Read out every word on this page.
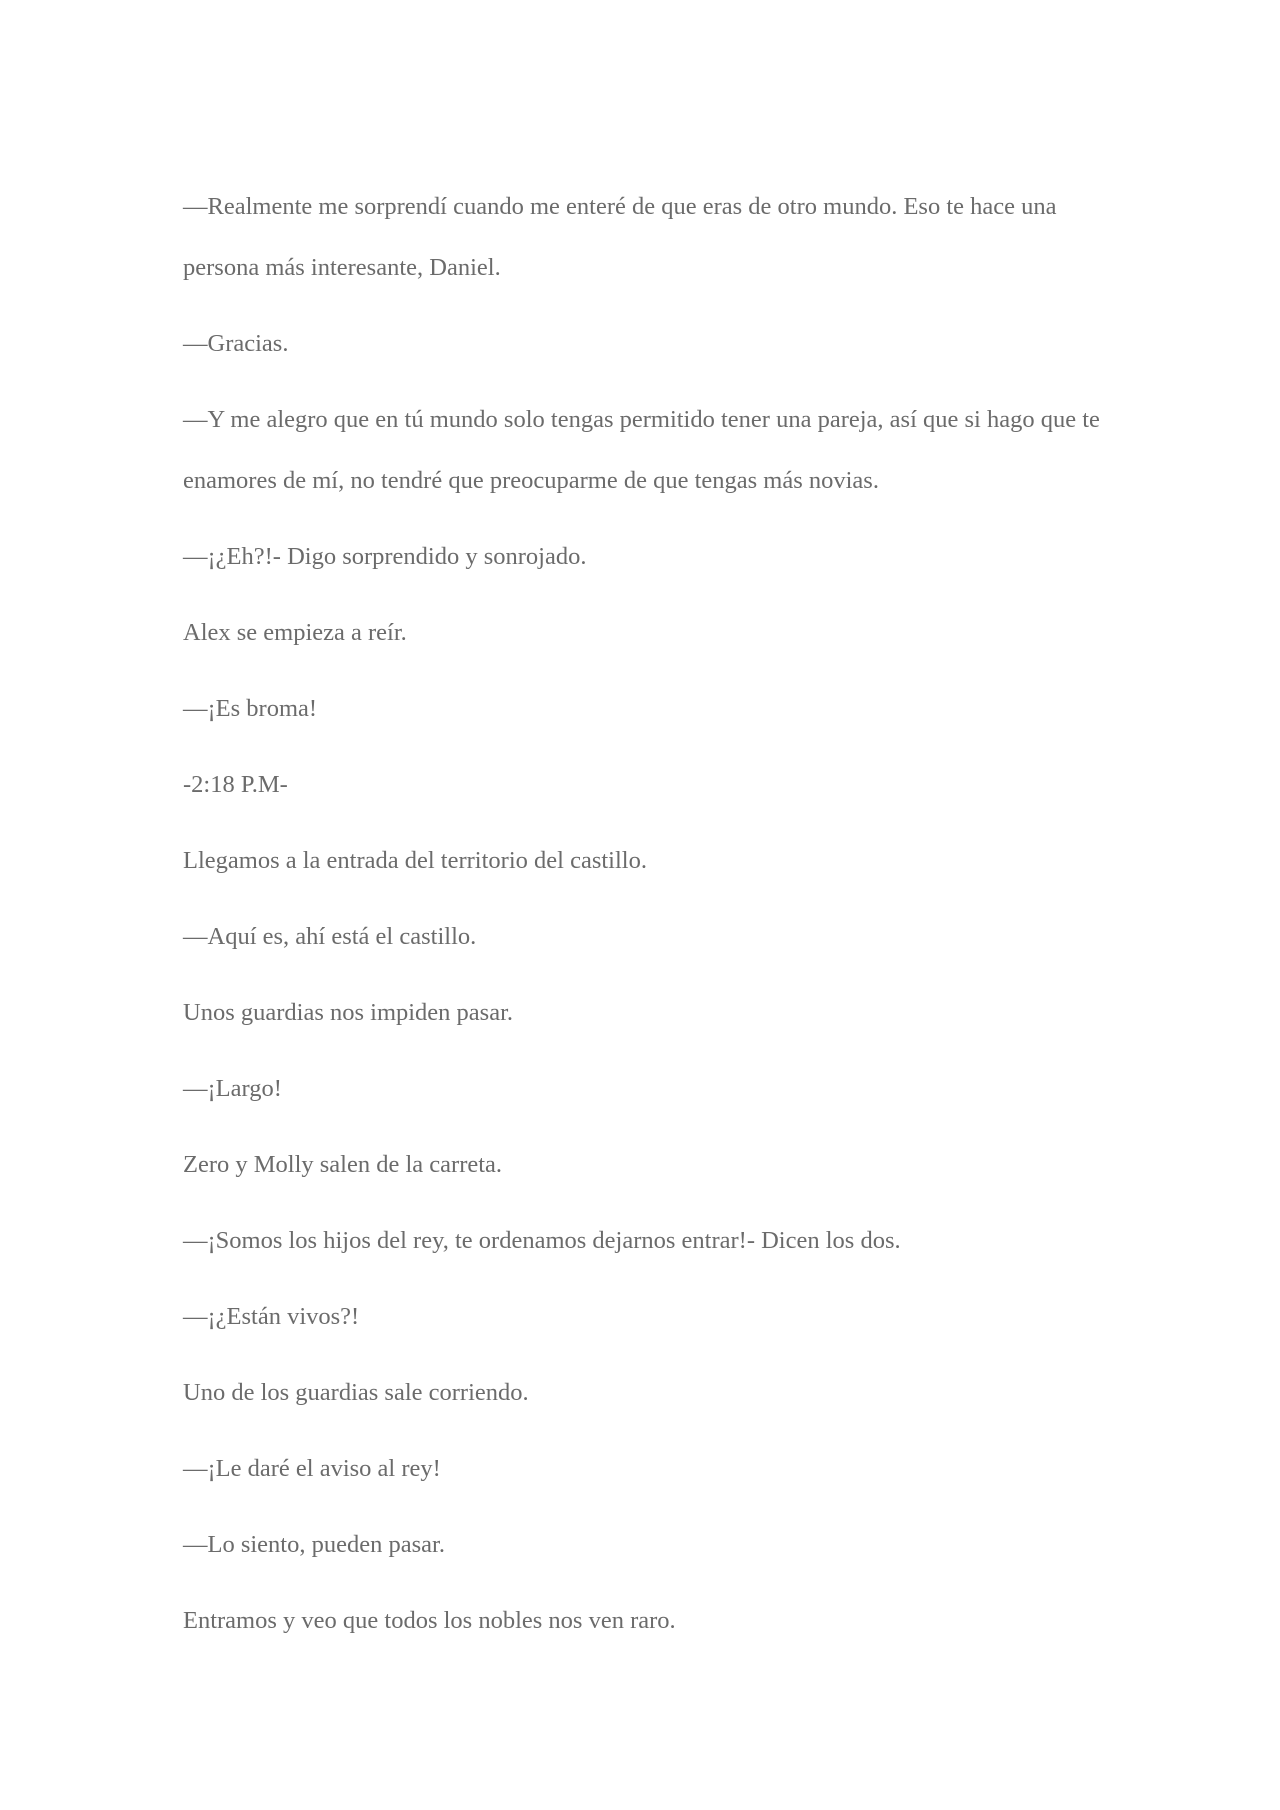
—Realmente me sorprendí cuando me enteré de que eras de otro mundo. Eso te hace una persona más interesante, Daniel.

—Gracias.

—Y me alegro que en tú mundo solo tengas permitido tener una pareja, así que si hago que te enamores de mí, no tendré que preocuparme de que tengas más novias.

—¡¿Eh?!- Digo sorprendido y sonrojado.

Alex se empieza a reír.

—¡Es broma!

-2:18 P.M-

Llegamos a la entrada del territorio del castillo.

—Aquí es, ahí está el castillo.

Unos guardias nos impiden pasar.

—¡Largo!

Zero y Molly salen de la carreta.

—¡Somos los hijos del rey, te ordenamos dejarnos entrar!- Dicen los dos.

—¡¿Están vivos?!

Uno de los guardias sale corriendo.

—¡Le daré el aviso al rey!

—Lo siento, pueden pasar.

Entramos y veo que todos los nobles nos ven raro.
